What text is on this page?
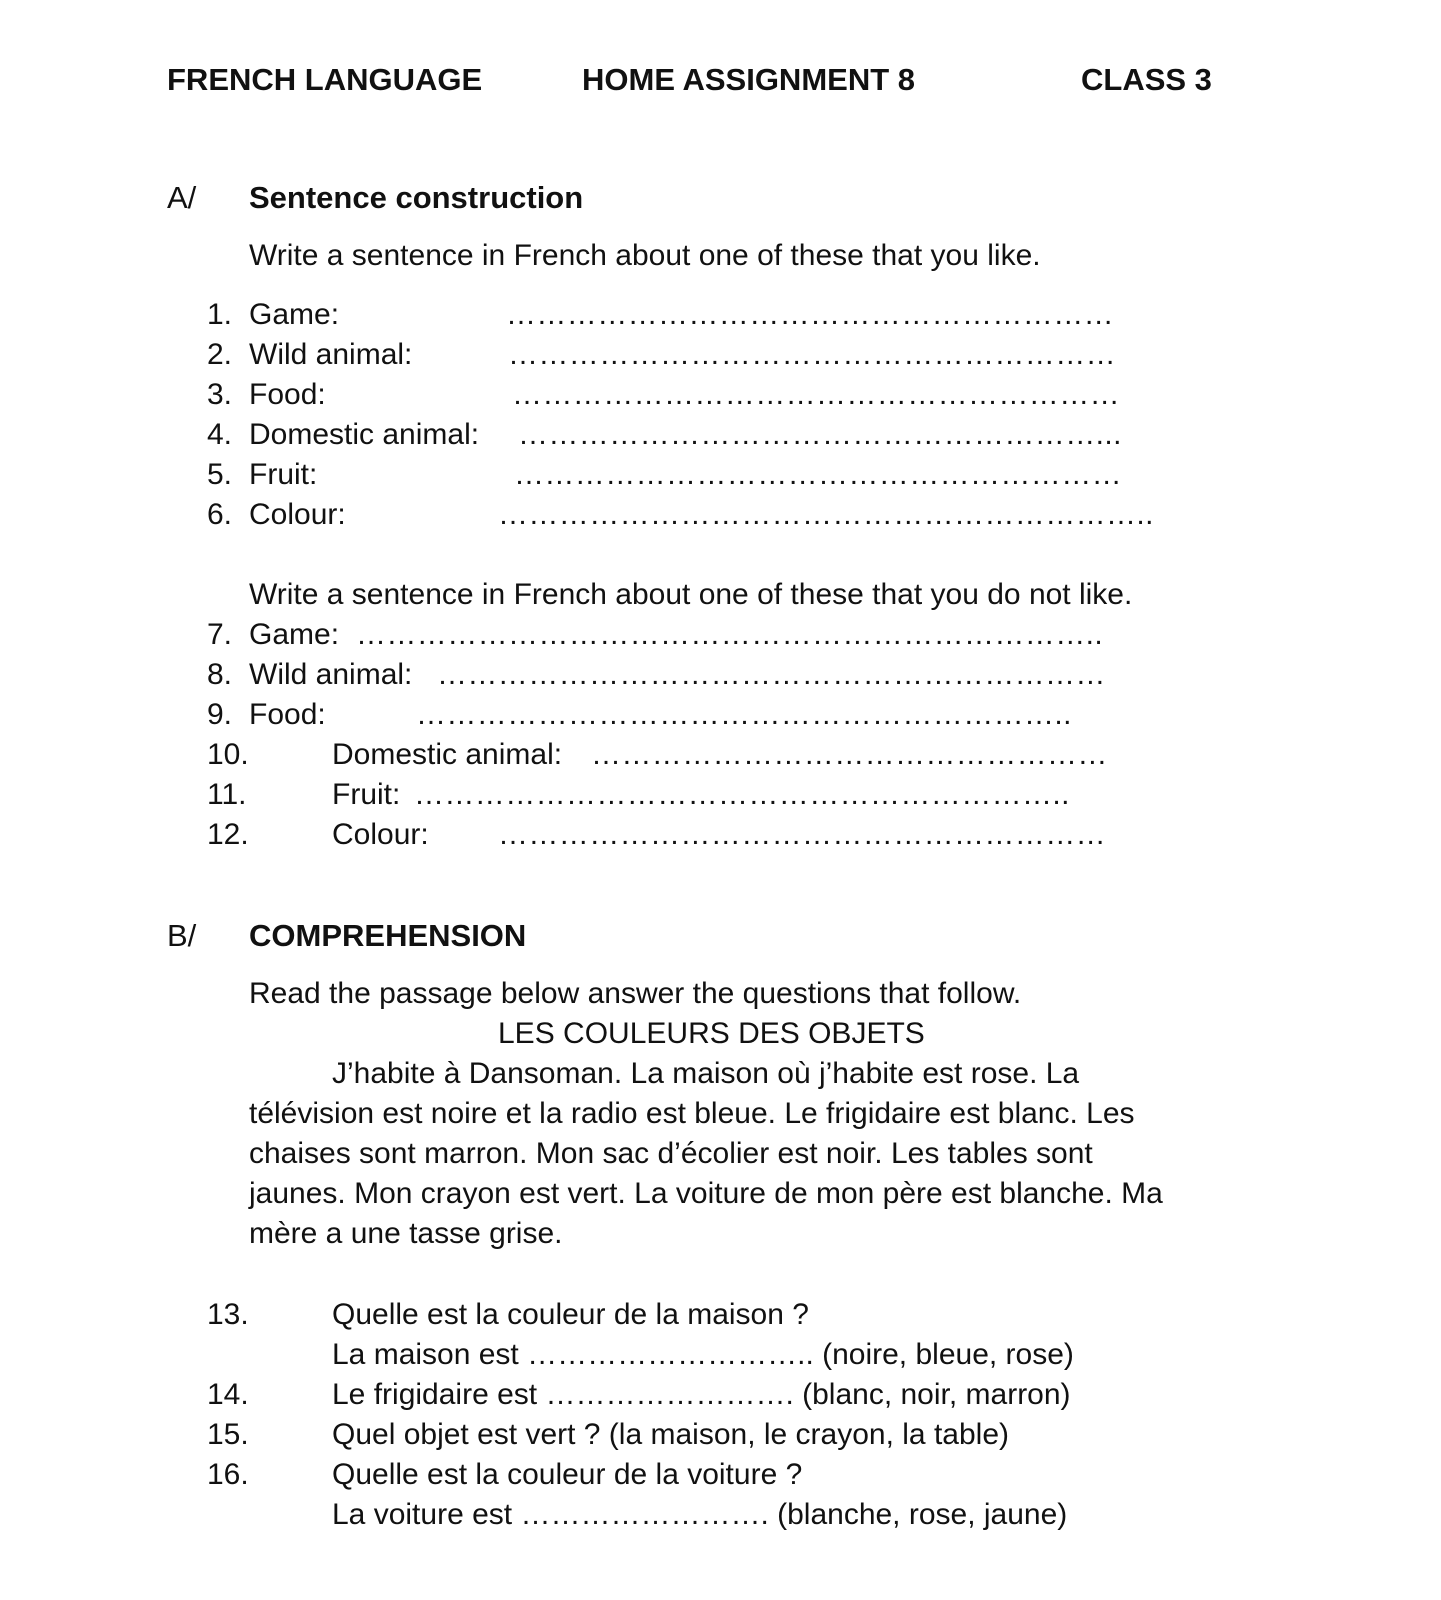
FRENCH LANGUAGE	HOME ASSIGNMENT 8	CLASS 3
A/ Sentence construction
Write a sentence in French about one of these that you like.
1. Game:	……………………………………………………
2. Wild animal:	……………………………………………………
3. Food:	……………………………………………………
4. Domestic animal: …………………………………………………...
5. Fruit:	……………………………………………………
6. Colour:	………………………………………………………..
Write a sentence in French about one of these that you do not like.
7. Game: ………………………………………………………………..
8. Wild animal: …………………………………………………………
9. Food:	………………………………………………………..
10.	Domestic animal: ……………………………………………
11.	Fruit: ………………………………………………………..
12.	Colour: ……………………………………………………
B/ COMPREHENSION
Read the passage below answer the questions that follow.
LES COULEURS DES OBJETS
J’habite à Dansoman. La maison où j’habite est rose. La
télévision est noire et la radio est bleue. Le frigidaire est blanc. Les
chaises sont marron. Mon sac d’écolier est noir. Les tables sont
jaunes. Mon crayon est vert. La voiture de mon père est blanche. Ma
mère a une tasse grise.
13.	Quelle est la couleur de la maison ?
La maison est ……………………….. (noire, bleue, rose)
14.	Le frigidaire est ……………………. (blanc, noir, marron)
15.	Quel objet est vert ? (la maison, le crayon, la table)
16.	Quelle est la couleur de la voiture ?
La voiture est ……………………. (blanche, rose, jaune)
